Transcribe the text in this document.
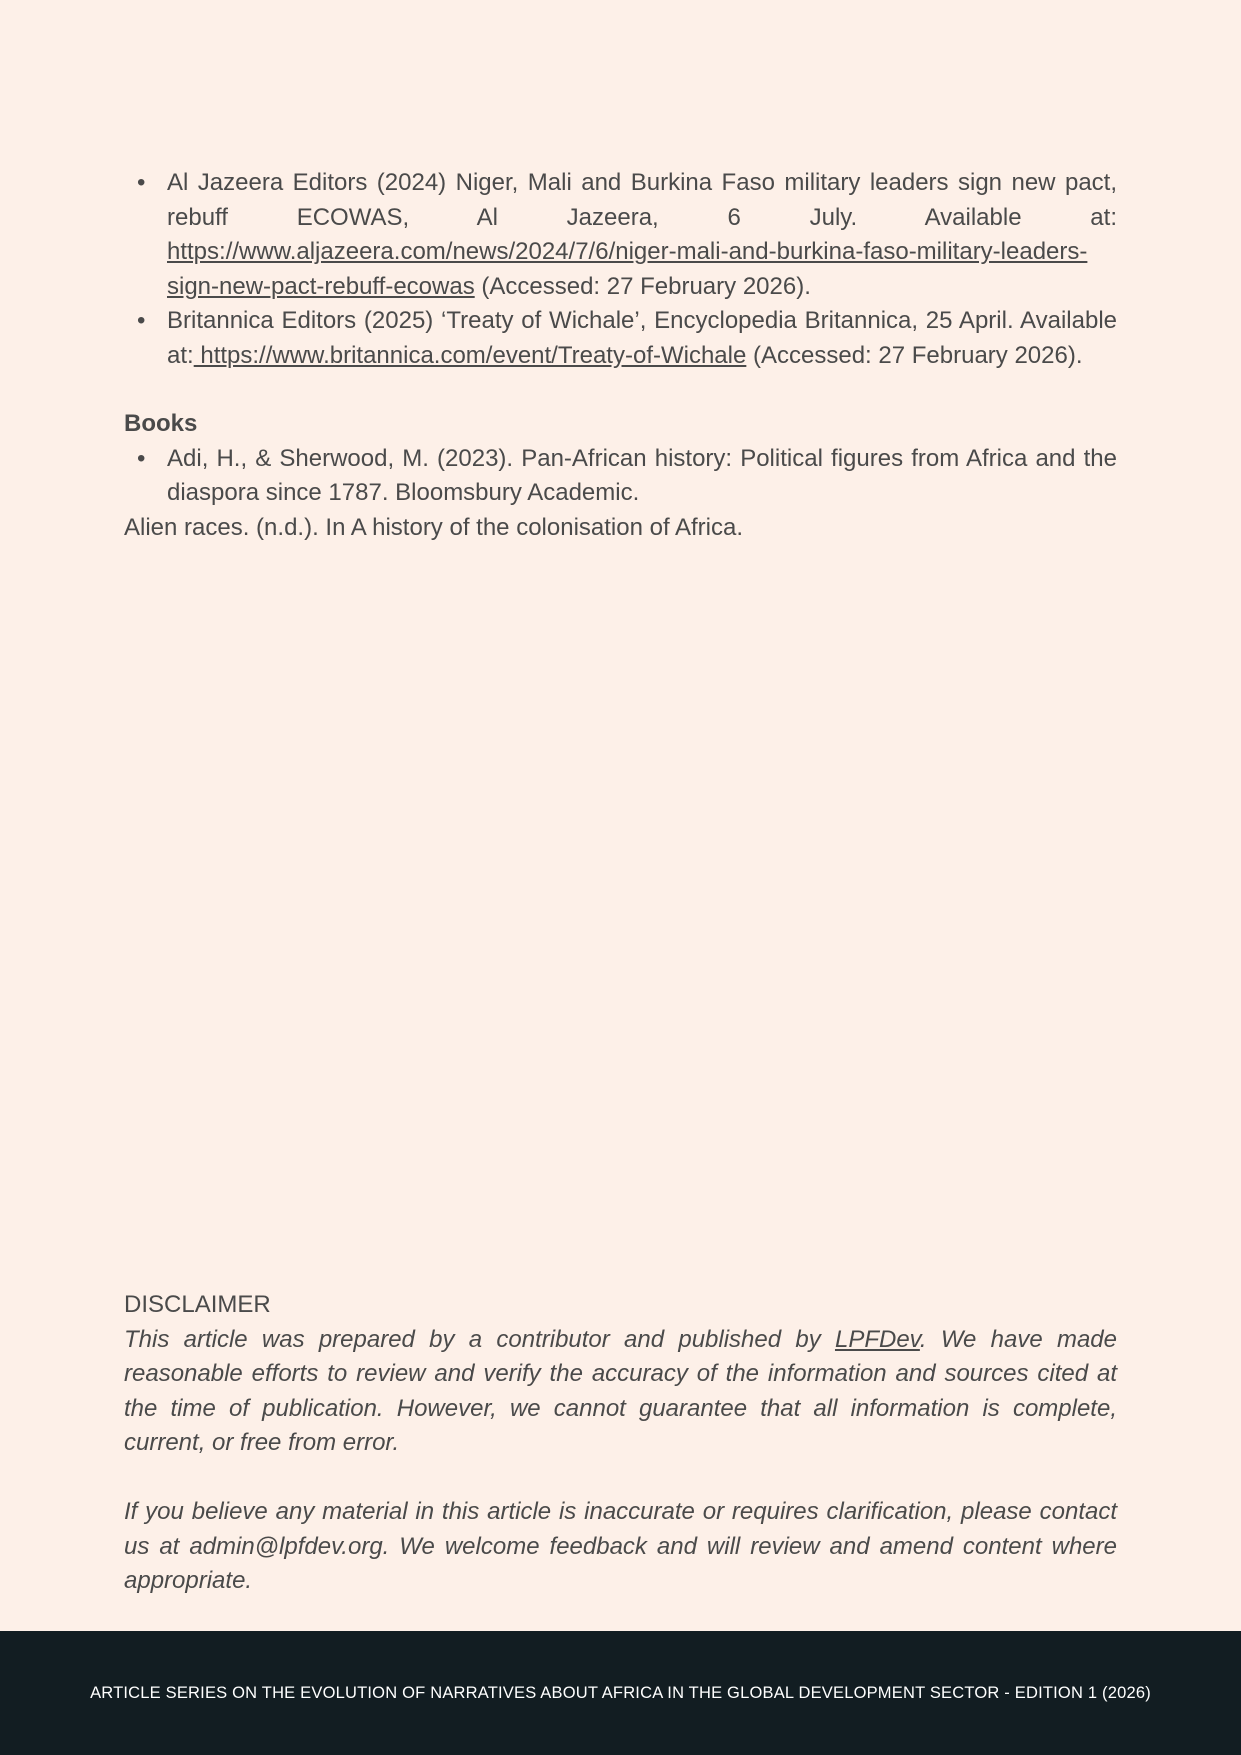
• Al Jazeera Editors (2024) Niger, Mali and Burkina Faso military leaders sign new pact, rebuff ECOWAS, Al Jazeera, 6 July. Available at: https://www.aljazeera.com/news/2024/7/6/niger-mali-and-burkina-faso-military-leaders-sign-new-pact-rebuff-ecowas (Accessed: 27 February 2026).
• Britannica Editors (2025) ‘Treaty of Wichale’, Encyclopedia Britannica, 25 April. Available at: https://www.britannica.com/event/Treaty-of-Wichale (Accessed: 27 February 2026).
Books
• Adi, H., & Sherwood, M. (2023). Pan-African history: Political figures from Africa and the diaspora since 1787. Bloomsbury Academic.

Alien races. (n.d.). In A history of the colonisation of Africa.

DISCLAIMER

This article was prepared by a contributor and published by LPFDev. We have made reasonable efforts to review and verify the accuracy of the information and sources cited at the time of publication. However, we cannot guarantee that all information is complete, current, or free from error.

If you believe any material in this article is inaccurate or requires clarification, please contact us at admin@lpfdev.org. We welcome feedback and will review and amend content where appropriate.

ARTICLE SERIES ON THE EVOLUTION OF NARRATIVES ABOUT AFRICA IN THE GLOBAL DEVELOPMENT SECTOR - EDITION 1 (2026)
